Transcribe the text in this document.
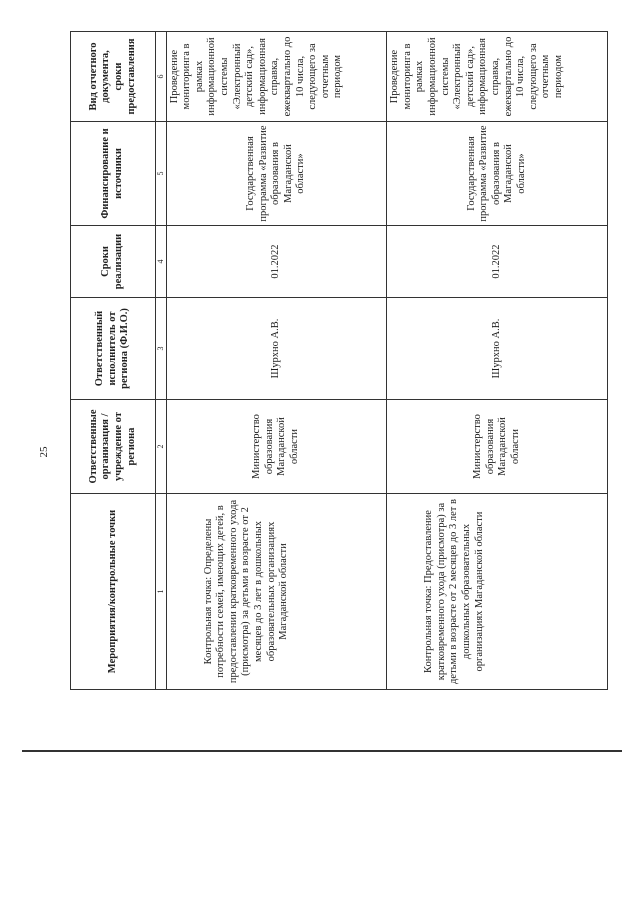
25
Мероприятия/контрольные точки	Ответственные организация / учреждение от региона	Ответственный исполнитель от региона (Ф.И.О.)	Сроки реализации	Финансирование и источники	Вид отчетного документа, сроки предоставления
1	2	3	4	5	6
Контрольная точка: Определены потребности семей, имеющих детей, в предоставлении кратковременного ухода (присмотра) за детьми в возрасте от 2 месяцев до 3 лет в дошкольных образовательных организациях Магаданской области	Министерство образования Магаданской области	Шурхно А.В.	01.2022	Государственная программа «Развитие образования в Магаданской области»	Проведение мониторинга в рамках информационной системы «Электронный детский сад», информационная справка, ежеквартально до 10 числа, следующего за отчетным периодом
Контрольная точка: Предоставление кратковременного ухода (присмотра) за детьми в возрасте от 2 месяцев до 3 лет в дошкольных образовательных организациях Магаданской области	Министерство образования Магаданской области	Шурхно А.В.	01.2022	Государственная программа «Развитие образования в Магаданской области»	Проведение мониторинга в рамках информационной системы «Электронный детский сад», информационная справка, ежеквартально до 10 числа, следующего за отчетным периодом
